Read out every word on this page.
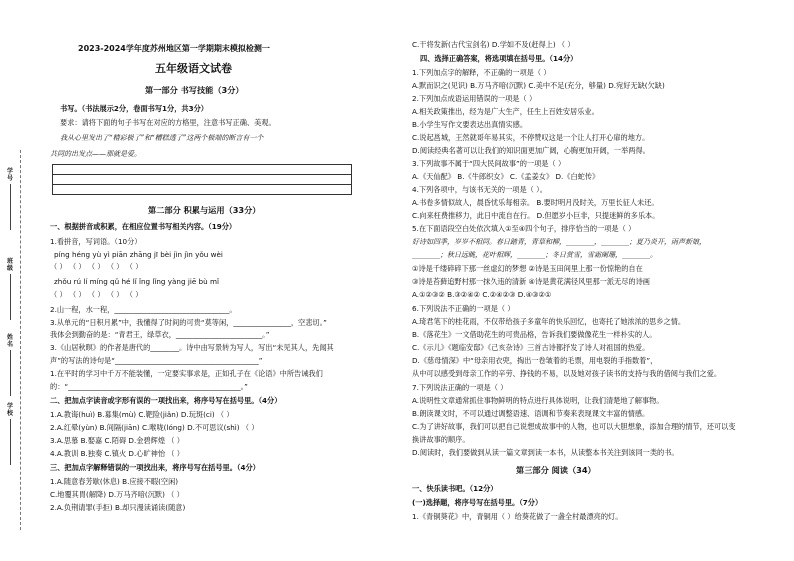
学号
班级
姓名
学校
2023-2024学年度苏州地区第一学期期末模拟检测一
五年级语文试卷
第一部分 书写技能（3分）
书写。（书法展示2分，卷面书写1分，共3分）
要求：请将下面的句子书写在对应的方格里，注意书写正确、美观。
我从心里发出了“精彩极了”和“糟糕透了”这两个极端的断言有一个
共同的出发点——那就是爱。
第二部分 积累与运用（33分）
一、根据拼音或积累，在相应位置书写相关内容。（19分）
1.看拼音，写词语。（10分）
píng héng yù yì piān zhāng jī bèi jìn jìn yǒu wèi
（ ） （ ） （ ） （ ） （ ）
zhǒu rú lí míng qǔ hé lǐ ǐng lǐng yàng jiē bù mǐ
（ ） （ ） （ ） （ ） （ ）
2.山一程，水一程，________________________________。
3.从单元的“日积月累”中，我懂得了时间的可贵“莫等闲，________________，空悲切。”
我体会到勤奋的是：“青君王，绿草衣，________________________。”
3.《山居秋暝》的作者是唐代的________。诗中由写景转为写人，写出“未见其人，先闻其
声”的写法的诗句是“________________________________________”
1.在平时的学习中千万不能装懂，一定要实事求是，正如孔子在《论语》中所告诫我们
的：“________________________________________________。”
二、把加点字读音或字形有误的一项找出来，将序号写在括号里。（4分）
1.A.教诲(huì) B.募集(mù) C.靶险(jiǎn) D.玩斑(ci) （ ）
2.A.红晕(yùn) B.间隔(jiān) C.喉咙(lóng) D.不可思议(shì) （ ）
3.A.思慕 B.娶嘉 C.陌碍 D.金碧辉煌 （ ）
4.A.教训 B.独奏 C.镇火 D.心旷神怡 （ ）
三、把加点字解释错误的一项找出来，将序号写在括号里。（4分）
1.A.随意春芳歇(休息) B.应接不暇(空闲)
C.地覆其胃(解降) D.万马齐喑(沉默) （ ）
2.A.负荆请罪(手拒) B.却只漫读诵读(随意)
C.干将发新(古代宝剑名) D.学如不及(赶得上) （ ）
四、选择正确答案，将选项填在括号里。（14分）
1.下列加点字的解释，不正确的一项是（ ）
A.默而识之(见识) B.万马齐喑(沉默) C.美中不足(充分，够量) D.宛好无缺(欠缺)
2.下列加点成语运用错误的一项是（ ）
A.相关政策推出，经为是广大生产，任生上百姓安居乐业。
B.小学生写作文要表达出真情实感。
C.说起邕城，王然就哥年易其实，不停赞叹这是一个让人打开心扉的地方。
D.阅读经典名著可以让我们的知识面更加广阔，心胸更加开阔，一举两得。
3.下列故事不属于“四大民间故事”的一项是（ ）
A.《天仙配》 B.《牛郎织女》 C.《孟姜女》 D.《白蛇传》
4.下列各项中，与该书无关的一项是（ ）。
A.书卷多情似故人，晨昏忧乐每相亲。 B.要时明月没时关，万里长征人未还。
C.向来枉费推移力，此日中流自在行。 D.但愿岁小巨非，只提迷鲜的多乐本。
5.在下面语段空白处依次填入①至④四个句子，排序恰当的一项是（ ）
好诗如四季，岁岁不相同。春日踏青，青草和柳，________，________；夏乃炎开，雨声新娘，
________；秋日远眺，花叶相辉，________；冬日赏雪，雪霜阑珊，________。
①诗是千缕碎碎下那一丝虚幻的梦想 ②诗是玉田间里上那一份惊艳的自在
③诗是苔藓追野村那一抹久违的清新 ④诗是黄花满径风里那一派无尽的诗画
A.①②③② B.③②④② C.②④②③ D.④③②①
6.下列说法不正确的一项是（ ）
A.琦君笔下的桂花雨，不仅带给孩子多童年的快乐回忆，也寄托了她浓浓的思乡之情。
B.《落花生》一文借助花生的可贵品格，告诉我们要做像花生一样朴实的人。
C.《示儿》《题临安邸》《己亥杂诗》三首古诗都抒发了诗人对祖国的热爱。
D.《慈母情深》中“母亲用衣兜，掏出一卷皱着的毛票，用电裂的手指数着”，
从中可以感受到母亲工作的辛劳、挣钱的不易，以及她对孩子读书的支持与我的借阅与我们之爱。
7.下列说法正确的一项是（ ）
A.说明性文章通常抓住事物鲜明的特点进行具体说明，让我们清楚地了解事物。
B.朗读课文时，不可以通过调整语速、语调和节奏来表现课文丰富的情感。
C.为了讲好故事，我们可以把自己说想成故事中的人物，也可以大胆想象，添加合理的情节，还可以变
换讲故事的顺序。
D.阅读时，我们要做到从读一篇文章到读一本书，从读整本书关注到该同一类的书。
第三部分 阅读（34）
一、快乐读书吧。（12分）
(一)选择题，将序号写在括号里。（7分）
1.《青铜葵花》中，青铜用（ ）给葵花做了一盏全村最漂亮的灯。
